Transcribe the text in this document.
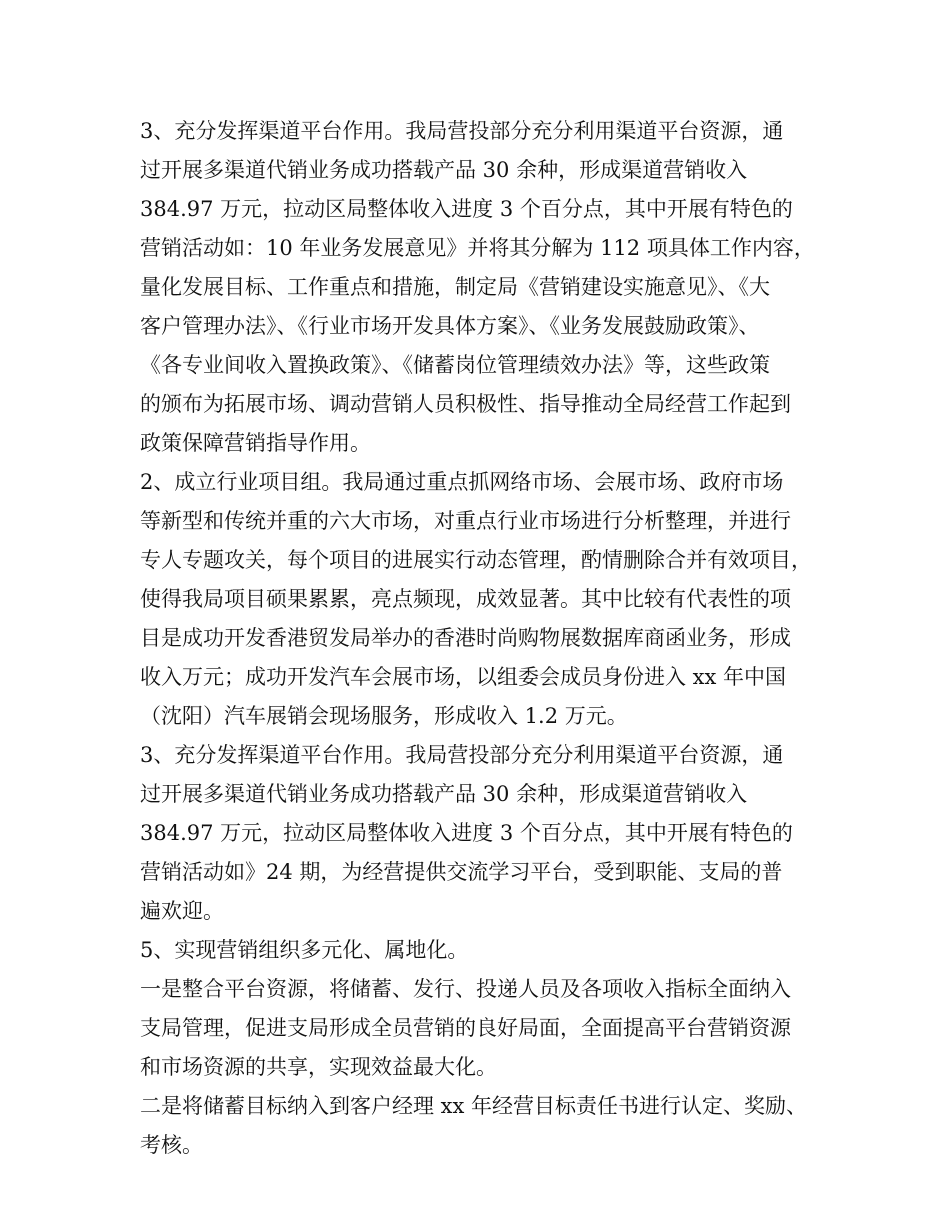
3、充分发挥渠道平台作用。我局营投部分充分利用渠道平台资源，通
过开展多渠道代销业务成功搭载产品 30 余种，形成渠道营销收入
384.97 万元，拉动区局整体收入进度 3 个百分点，其中开展有特色的
营销活动如：10 年业务发展意见》并将其分解为 112 项具体工作内容，
量化发展目标、工作重点和措施，制定局《营销建设实施意见》、《大
客户管理办法》、《行业市场开发具体方案》、《业务发展鼓励政策》、
《各专业间收入置换政策》、《储蓄岗位管理绩效办法》等，这些政策
的颁布为拓展市场、调动营销人员积极性、指导推动全局经营工作起到
政策保障营销指导作用。
2、成立行业项目组。我局通过重点抓网络市场、会展市场、政府市场
等新型和传统并重的六大市场，对重点行业市场进行分析整理，并进行
专人专题攻关，每个项目的进展实行动态管理，酌情删除合并有效项目，
使得我局项目硕果累累，亮点频现，成效显著。其中比较有代表性的项
目是成功开发香港贸发局举办的香港时尚购物展数据库商函业务，形成
收入万元；成功开发汽车会展市场，以组委会成员身份进入 xx 年中国
（沈阳）汽车展销会现场服务，形成收入 1.2 万元。
3、充分发挥渠道平台作用。我局营投部分充分利用渠道平台资源，通
过开展多渠道代销业务成功搭载产品 30 余种，形成渠道营销收入
384.97 万元，拉动区局整体收入进度 3 个百分点，其中开展有特色的
营销活动如》24 期，为经营提供交流学习平台，受到职能、支局的普
遍欢迎。
5、实现营销组织多元化、属地化。
一是整合平台资源，将储蓄、发行、投递人员及各项收入指标全面纳入
支局管理，促进支局形成全员营销的良好局面，全面提高平台营销资源
和市场资源的共享，实现效益最大化。
二是将储蓄目标纳入到客户经理 xx 年经营目标责任书进行认定、奖励、
考核。
